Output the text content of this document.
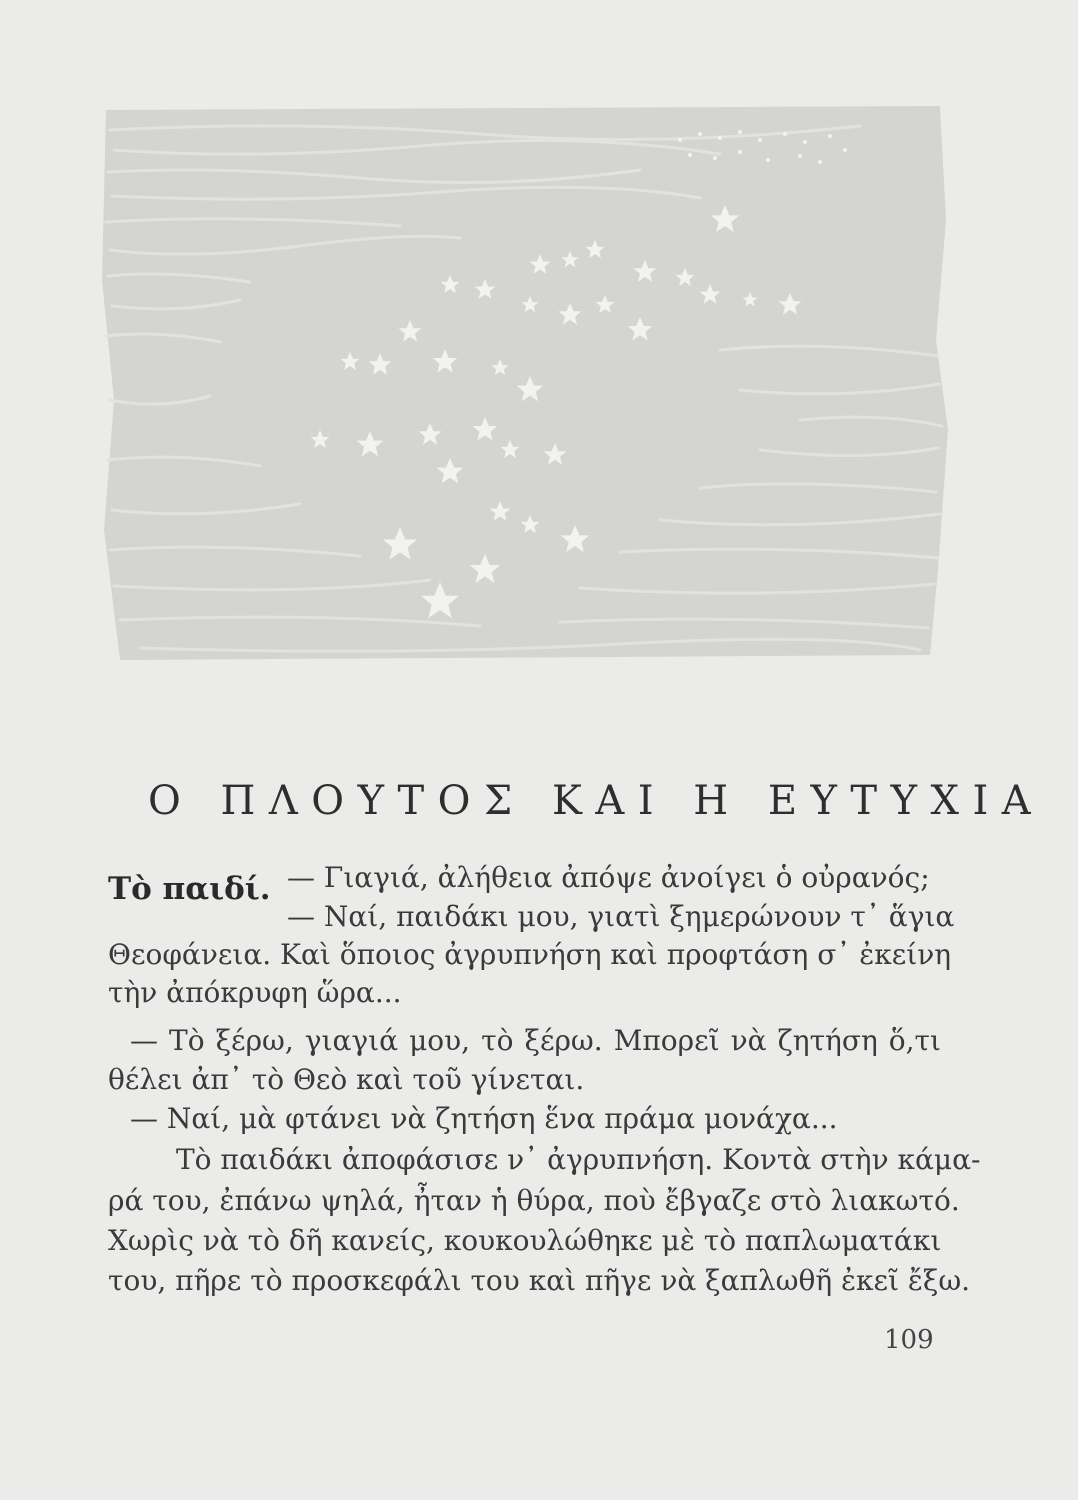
Ο ΠΛΟΥΤΟΣ ΚΑΙ Η ΕΥΤΥΧΙΑ
Τὸ παιδί. — Γιαγιά, ἀλήθεια ἀπόψε ἀνοίγει ὁ οὐρανός;
— Ναί, παιδάκι μου, γιατὶ ξημερώνουν τ᾿ ἅγια
Θεοφάνεια. Καὶ ὅποιος ἀγρυπνήση καὶ προφτάση σ᾿ ἐκείνη
τὴν ἀπόκρυφη ὥρα...
— Τὸ ξέρω, γιαγιά μου, τὸ ξέρω. Μπορεῖ νὰ ζητήση ὅ,τι
θέλει ἀπ᾿ τὸ Θεὸ καὶ τοῦ γίνεται.
— Ναί, μὰ φτάνει νὰ ζητήση ἕνα πράμα μονάχα...
Τὸ παιδάκι ἀποφάσισε ν᾿ ἀγρυπνήση. Κοντὰ στὴν κάμα-
ρά του, ἐπάνω ψηλά, ἦταν ἡ θύρα, ποὺ ἔβγαζε στὸ λιακωτό.
Χωρὶς νὰ τὸ δῆ κανείς, κουκουλώθηκε μὲ τὸ παπλωματάκι
του, πῆρε τὸ προσκεφάλι του καὶ πῆγε νὰ ξαπλωθῆ ἐκεῖ ἔξω.
109
